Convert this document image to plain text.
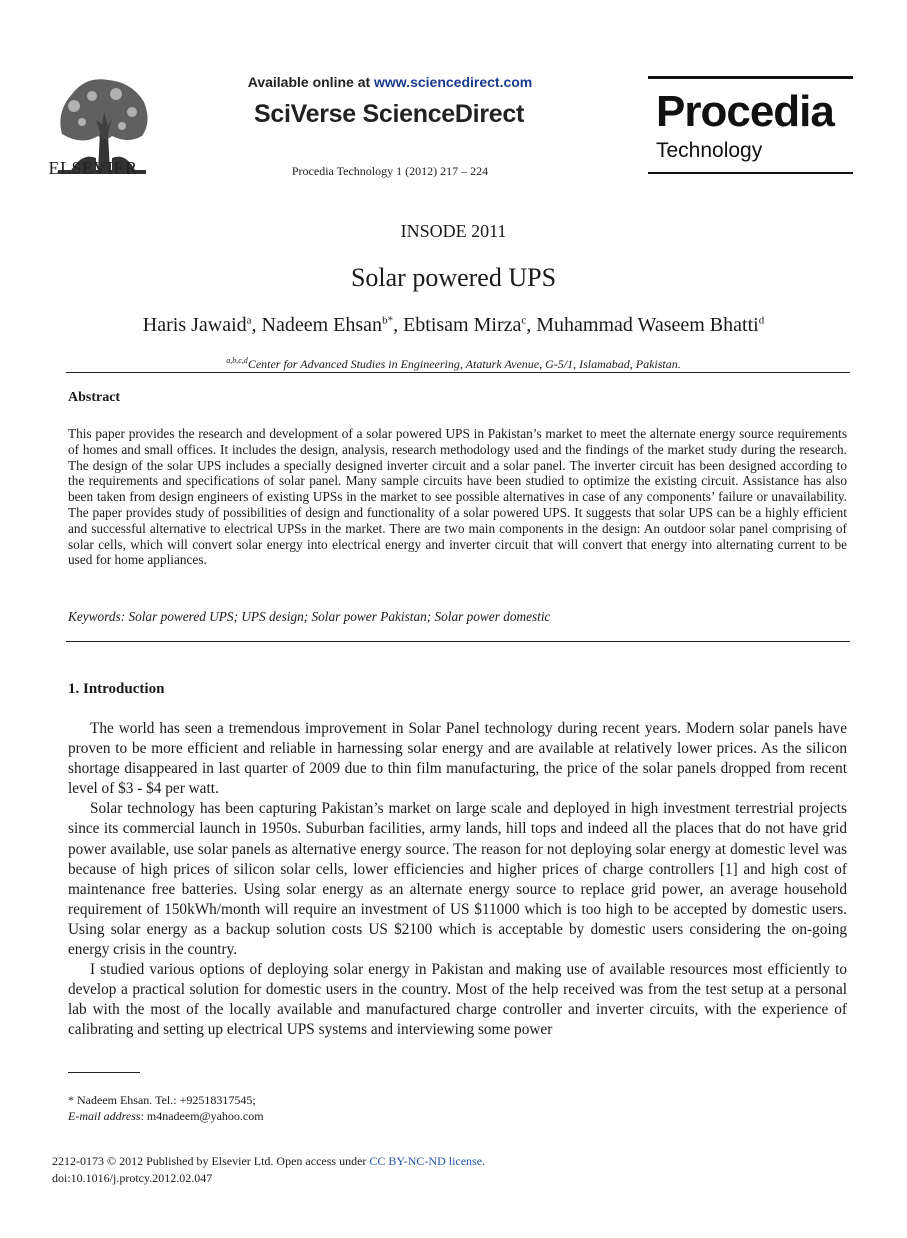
ELSEVIER
Available online at www.sciencedirect.com
SciVerse ScienceDirect
Procedia Technology 1 (2012) 217 – 224
Procedia
Technology
INSODE 2011
Solar powered UPS
Haris Jawaid$^a$, Nadeem Ehsan$^{b*}$, Ebtisam Mirza$^c$, Muhammad Waseem Bhatti$^d$
$^{a,b,c,d}$Center for Advanced Studies in Engineering, Ataturk Avenue, G-5/1, Islamabad, Pakistan.
Abstract
This paper provides the research and development of a solar powered UPS in Pakistan’s market to meet the alternate energy source requirements of homes and small offices. It includes the design, analysis, research methodology used and the findings of the market study during the research. The design of the solar UPS includes a specially designed inverter circuit and a solar panel. The inverter circuit has been designed according to the requirements and specifications of solar panel. Many sample circuits have been studied to optimize the existing circuit. Assistance has also been taken from design engineers of existing UPSs in the market to see possible alternatives in case of any components’ failure or unavailability. The paper provides study of possibilities of design and functionality of a solar powered UPS. It suggests that solar UPS can be a highly efficient and successful alternative to electrical UPSs in the market. There are two main components in the design: An outdoor solar panel comprising of solar cells, which will convert solar energy into electrical energy and inverter circuit that will convert that energy into alternating current to be used for home appliances.
Keywords: Solar powered UPS; UPS design; Solar power Pakistan; Solar power domestic
1. Introduction

The world has seen a tremendous improvement in Solar Panel technology during recent years. Modern solar panels have proven to be more efficient and reliable in harnessing solar energy and are available at relatively lower prices. As the silicon shortage disappeared in last quarter of 2009 due to thin film manufacturing, the price of the solar panels dropped from recent level of $3 - $4 per watt.

Solar technology has been capturing Pakistan’s market on large scale and deployed in high investment terrestrial projects since its commercial launch in 1950s. Suburban facilities, army lands, hill tops and indeed all the places that do not have grid power available, use solar panels as alternative energy source. The reason for not deploying solar energy at domestic level was because of high prices of silicon solar cells, lower efficiencies and higher prices of charge controllers [1] and high cost of maintenance free batteries. Using solar energy as an alternate energy source to replace grid power, an average household requirement of 150kWh/month will require an investment of US $11000 which is too high to be accepted by domestic users. Using solar energy as a backup solution costs US $2100 which is acceptable by domestic users considering the on-going energy crisis in the country.

I studied various options of deploying solar energy in Pakistan and making use of available resources most efficiently to develop a practical solution for domestic users in the country. Most of the help received was from the test setup at a personal lab with the most of the locally available and manufactured charge controller and inverter circuits, with the experience of calibrating and setting up electrical UPS systems and interviewing some power

* Nadeem Ehsan. Tel.: +92518317545;
E-mail address: m4nadeem@yahoo.com
2212-0173 © 2012 Published by Elsevier Ltd. Open access under CC BY-NC-ND license.
doi:10.1016/j.protcy.2012.02.047
